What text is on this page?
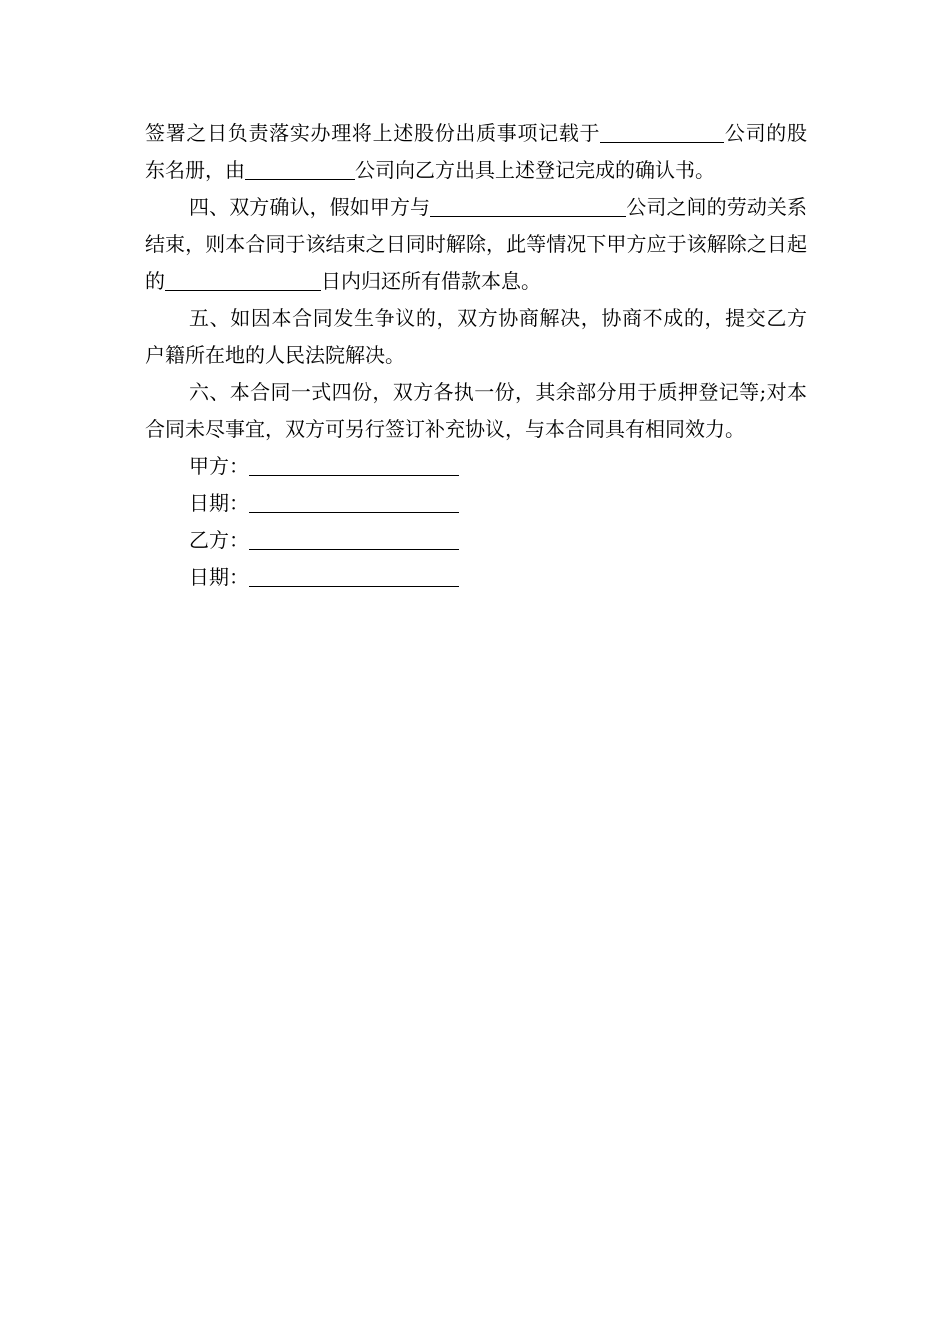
签署之日负责落实办理将上述股份出质事项记载于	公司的股东名册，由	公司向乙方出具上述登记完成的确认书。

四、双方确认，假如甲方与	公司之间的劳动关系结束，则本合同于该结束之日同时解除，此等情况下甲方应于该解除之日起的	日内归还所有借款本息。

五、如因本合同发生争议的，双方协商解决，协商不成的，提交乙方户籍所在地的人民法院解决。

六、本合同一式四份，双方各执一份，其余部分用于质押登记等;对本合同未尽事宜，双方可另行签订补充协议，与本合同具有相同效力。

甲方：
日期：
乙方：
日期：
